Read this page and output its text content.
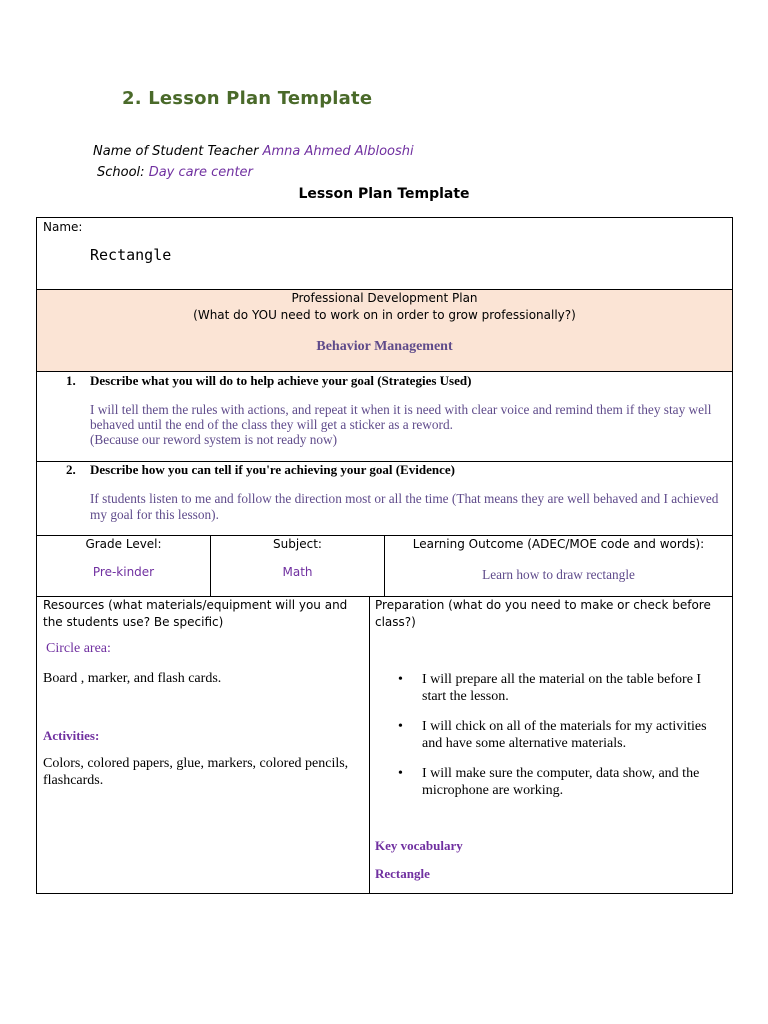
2. Lesson Plan Template
Name of Student Teacher Amna Ahmed Alblooshi
School: Day care center
Lesson Plan Template
Name:
Rectangle
Professional Development Plan
(What do YOU need to work on in order to grow professionally?)
Behavior Management
1. Describe what you will do to help achieve your goal (Strategies Used)
I will tell them the rules with actions, and repeat it when it is need with clear voice and remind them if they stay well behaved until the end of the class they will get a sticker as a reword.
(Because our reword system is not ready now)
2. Describe how you can tell if you're achieving your goal (Evidence)
If students listen to me and follow the direction most or all the time (That means they are well behaved and I achieved my goal for this lesson).
Grade Level:
Pre-kinder
Subject:
Math
Learning Outcome (ADEC/MOE code and words):
Learn how to draw rectangle
Resources (what materials/equipment will you and the students use? Be specific)
Circle area:
Board , marker, and flash cards.
Activities:
Colors, colored papers, glue, markers, colored pencils, flashcards.
Preparation (what do you need to make or check before class?)
• I will prepare all the material on the table before I start the lesson.
• I will chick on all of the materials for my activities and have some alternative materials.
• I will make sure the computer, data show, and the microphone are working.
Key vocabulary
Rectangle
